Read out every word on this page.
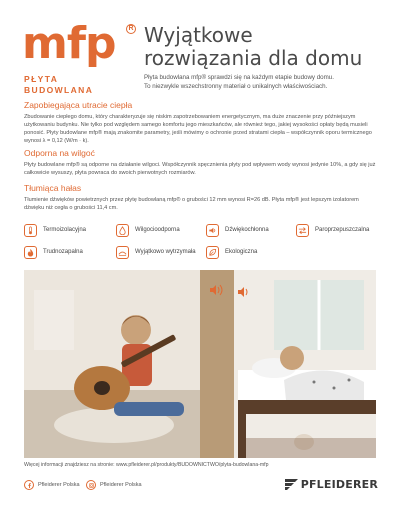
mfp	R
PŁYTA
BUDOWLANA
Wyjątkowe
rozwiązania dla domu
Płyta budowlana mfp® sprawdzi się na każdym etapie budowy domu.
To niezwykle wszechstronny materiał o unikalnych właściwościach.
Zapobiegająca utracie ciepła

Zbudowanie ciepłego domu, który charakteryzuje się niskim zapotrzebowaniem energetycznym, ma duże znaczenie przy późniejszym użytkowaniu budynku. Nie tylko pod względem samego komfortu jego mieszkańców, ale również tego, jakiej wysokości opłaty będą musieli ponosić. Płyty budowlane mfp® mają znakomite parametry, jeśli mówimy o ochronie przed stratami ciepła – współczynnik oporu termicznego wynosi λ = 0,12 (W/m · k).

Odporna na wilgoć

Płyty budowlane mfp® są odporne na działanie wilgoci. Współczynnik spęcznienia płyty pod wpływem wody wynosi jedynie 10%, a gdy się już całkowicie wysuszy, płyta powraca do swoich pierwotnych rozmiarów.

Tłumiąca hałas

Tłumienie dźwięków powietrznych przez płytę budowlaną mfp® o grubości 12 mm wynosi R=26 dB. Płyta mfp® jest lepszym izolatorem dźwięku niż cegła o grubości 11,4 cm.

Termoizolacyjna	Wilgocioodporna	Dźwiękochłonna	Paroprzepuszczalna
Trudnozapalna	Wyjątkowo wytrzymała	Ekologiczna
Więcej informacji znajdziesz na stronie: www.pfleiderer.pl/produkty/BUDOWNICTWO/plyta-budowlana-mfp
Pfleiderer Polska	Pfleiderer Polska	PFLEIDERER
